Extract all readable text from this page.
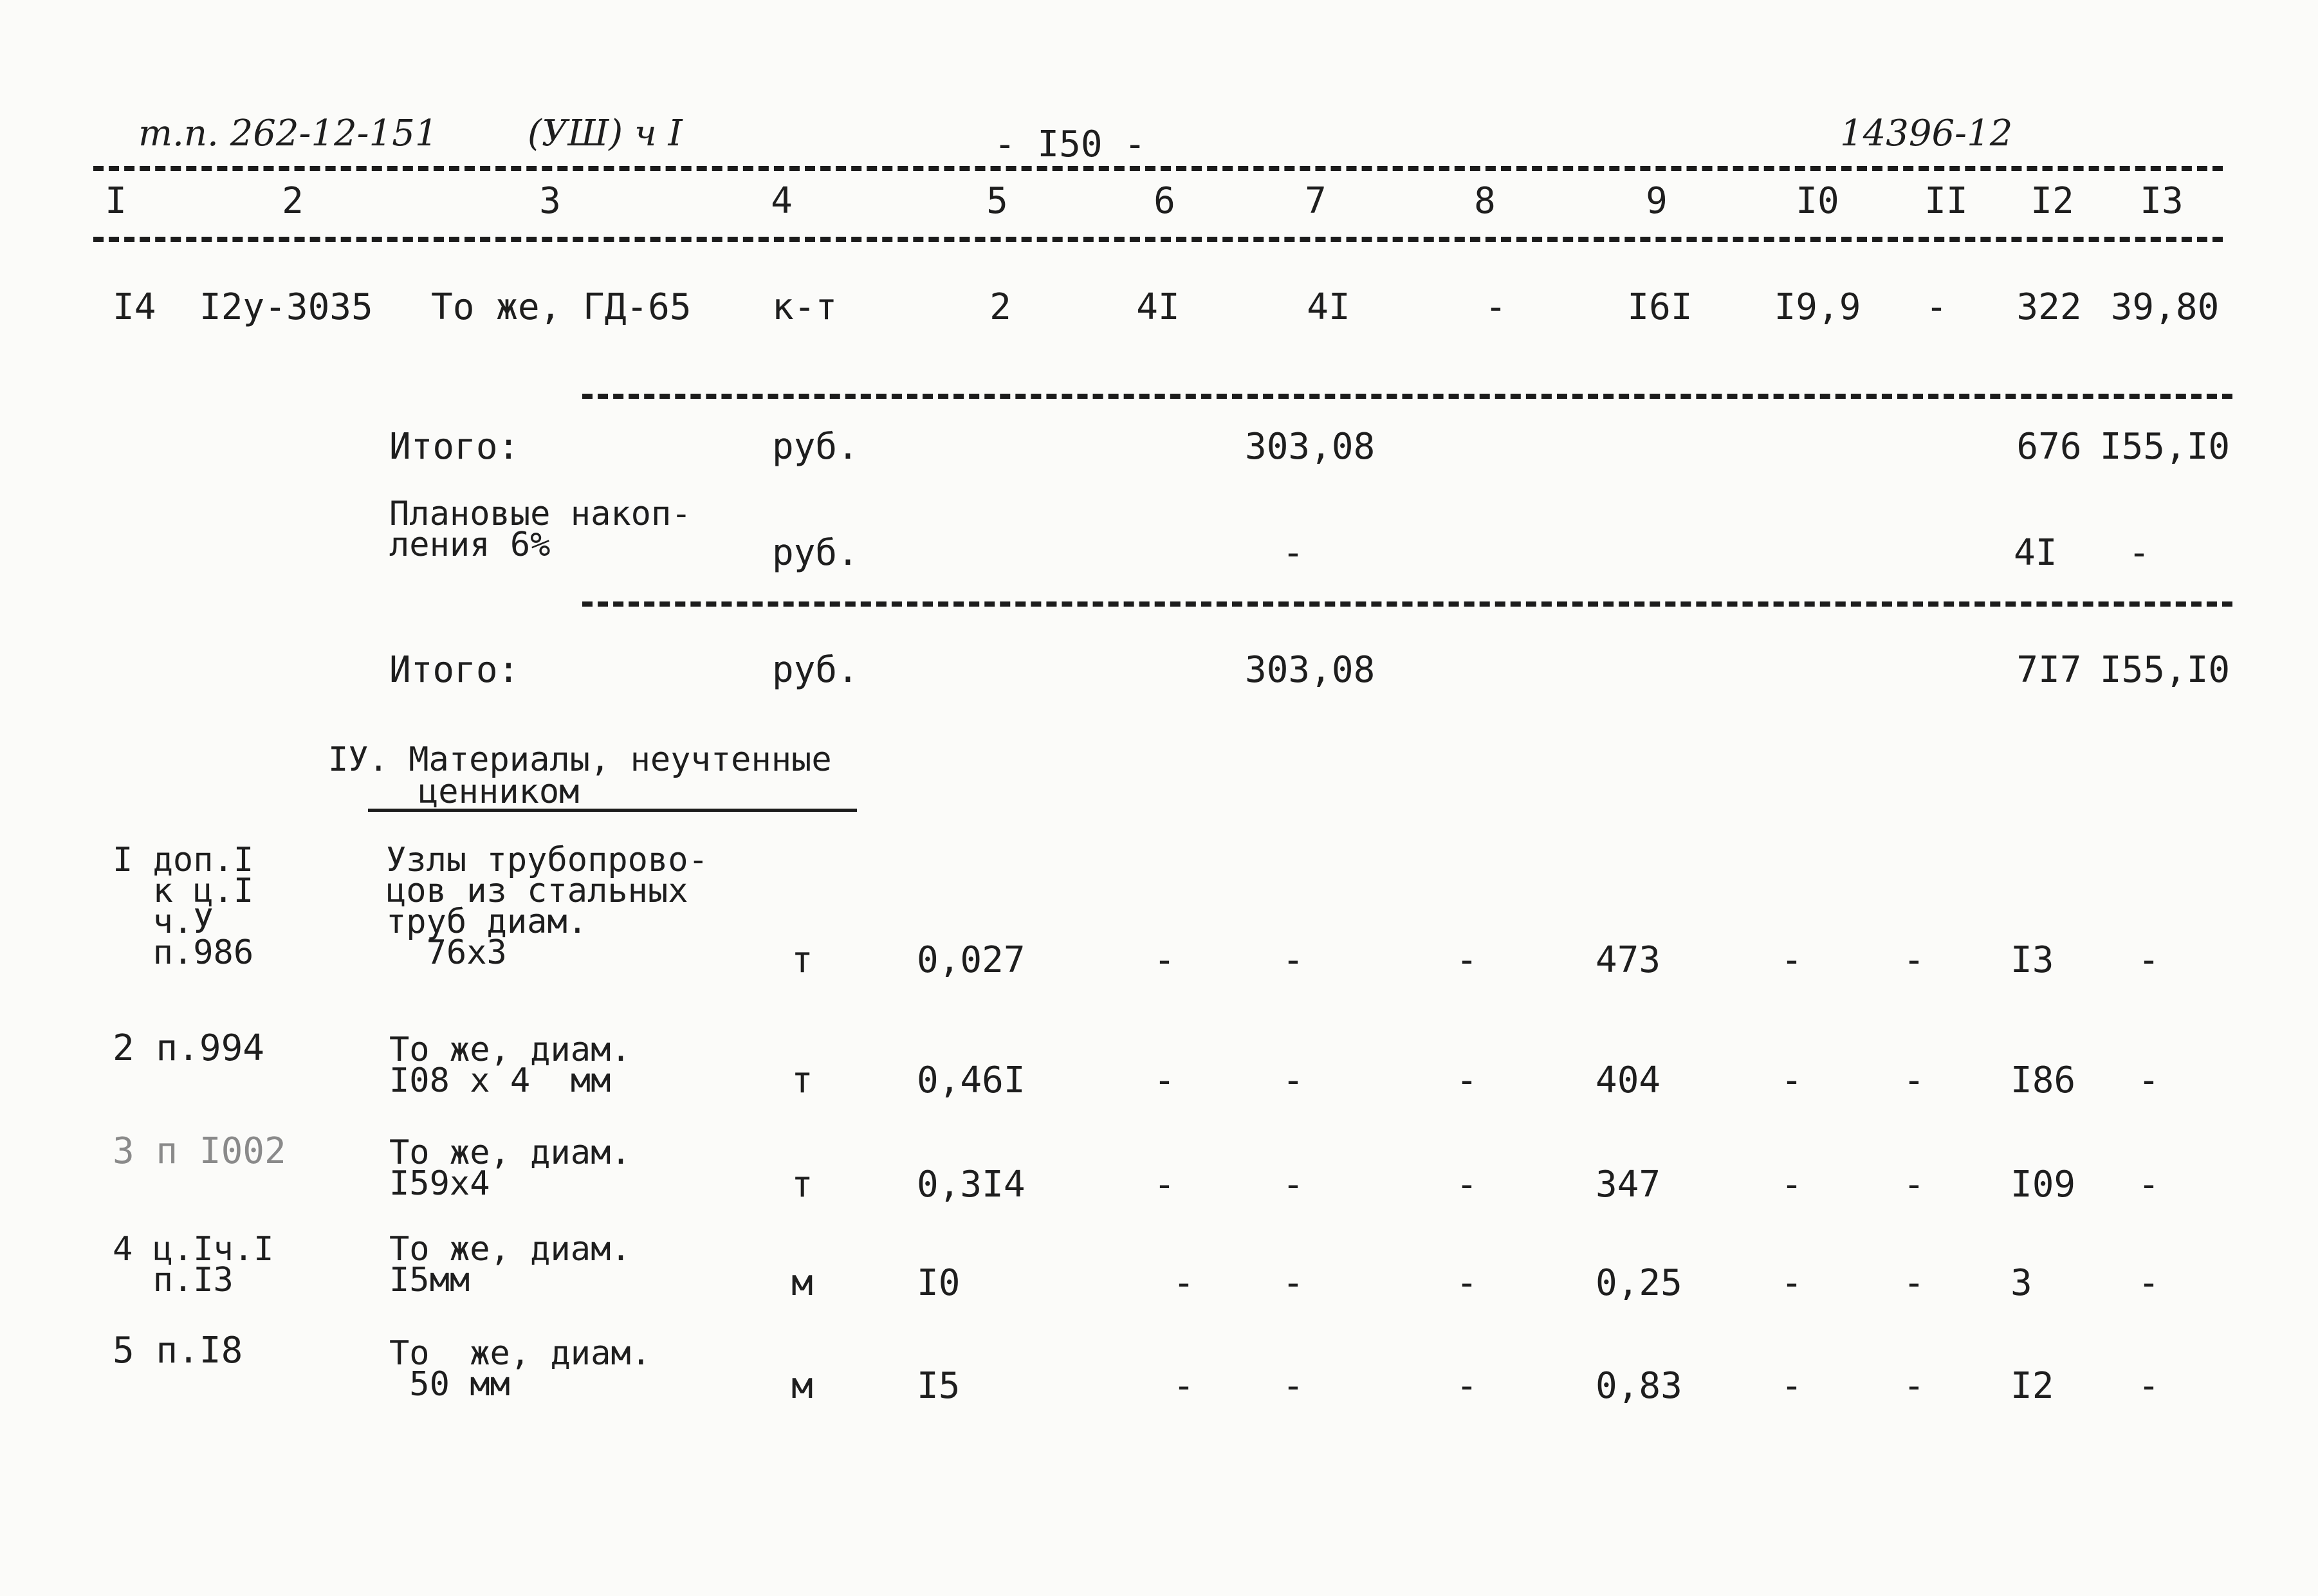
т.п. 262-12-151 (УШ) ч I	- I50 -	14396-12
I	2	3	4	5	6	7	8	9	I0 II I2 I3
I4 I2у-3035 То же, ГД-65 к-т	2	4I	4I	-	I6I I9,9 - 322 39,80
Итого:	руб.	303,08	676 I55,I0
Плановые накоп-
ления 6%	руб.	-	4I -
Итого:	руб.	303,08	7I7 I55,I0
IУ. Материалы, неучтенные
ценником
I доп.I
к ц.I
ч.У
п.986
Узлы трубопрово-
цов из стальных
труб диам.
76х3	т	0,027	-	-	-	473	-	- I3 -
2 п.994	То же, диам.
I08 х 4  мм	т	0,46I	-	-	-	404	-	- I86 -
3 п I002	То же, диам.
I59х4	т	0,3I4	-	-	-	347	-	- I09 -
4 ц.Iч.I
п.I3
То же, диам.
I5мм	м	I0	- -	-	0,25	-	- 3	-
5 п.I8	То  же, диам.
50 мм	м	I5	- -	-	0,83	-	- I2 -
